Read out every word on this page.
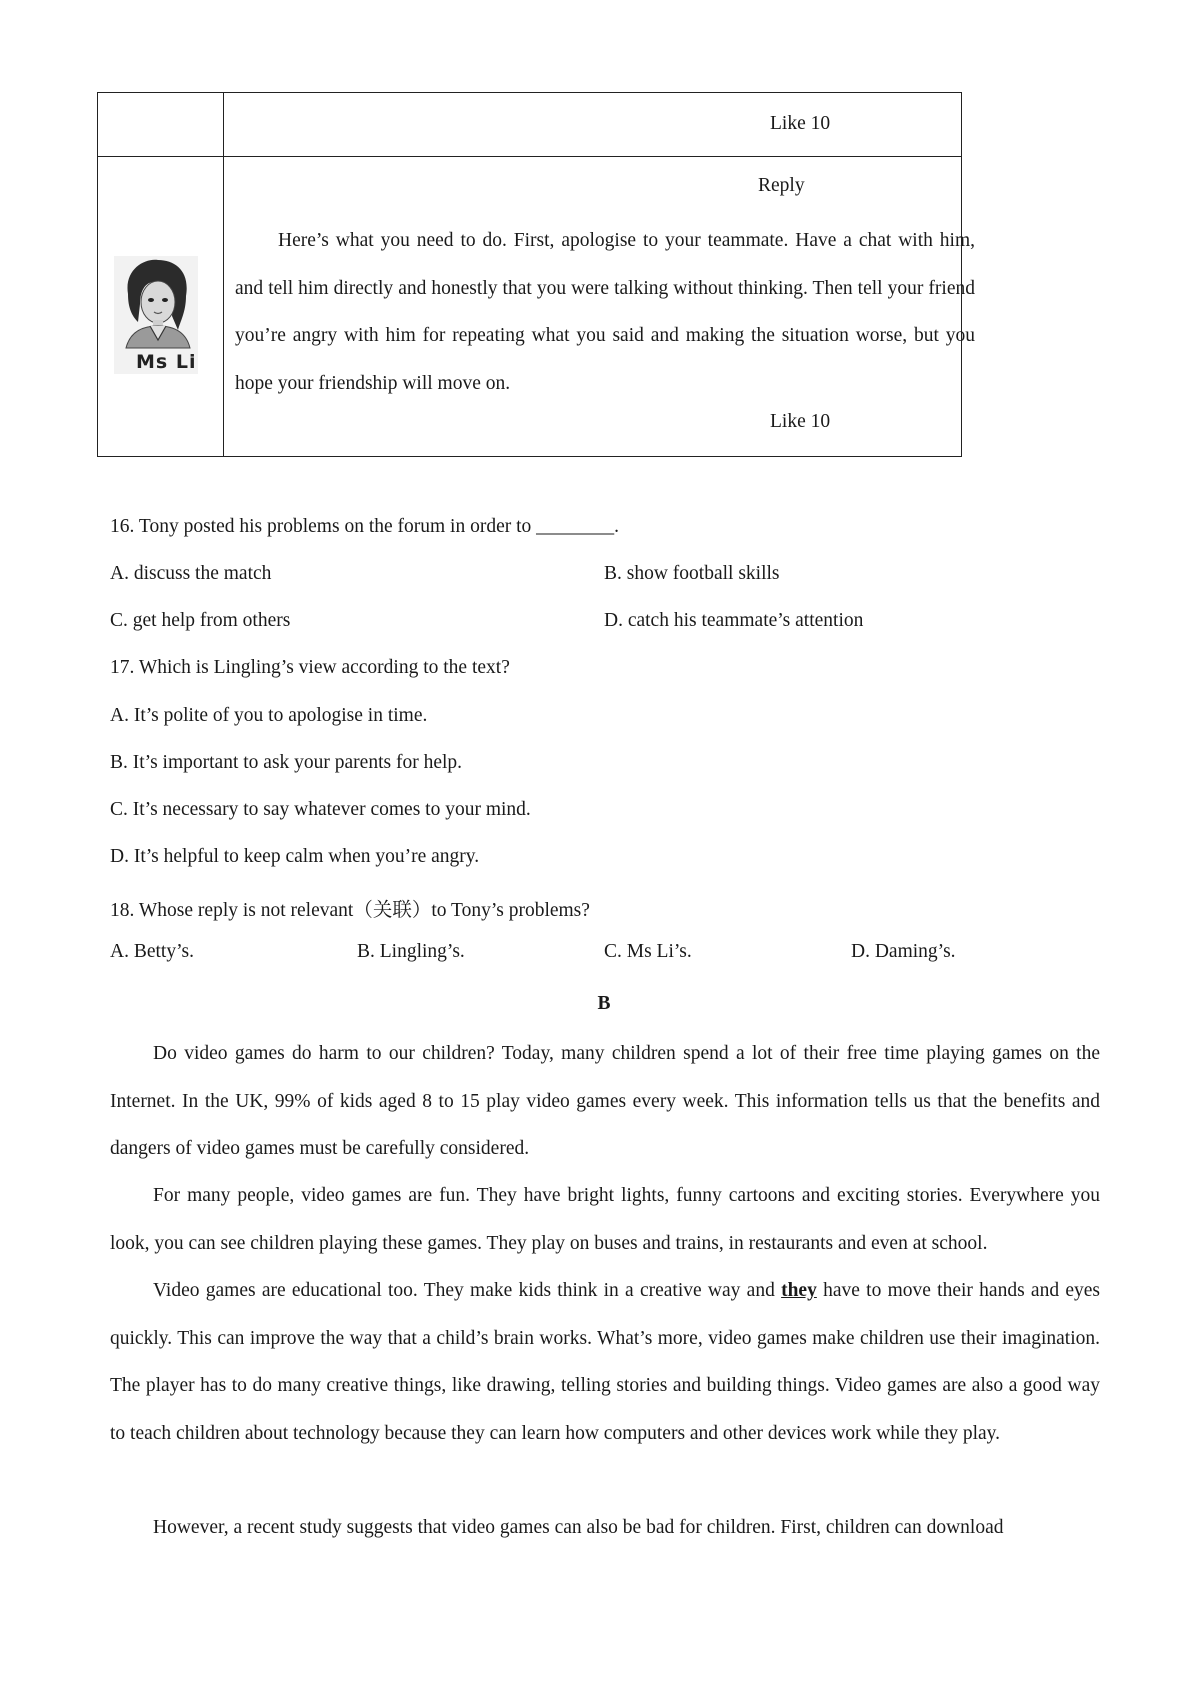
	Like 10

Ms Li	Reply

Here’s what you need to do. First, apologise to your teammate. Have a chat with him, and tell him directly and honestly that you were talking without thinking. Then tell your friend you’re angry with him for repeating what you said and making the situation worse, but you hope your friendship will move on.

Like 10
16. Tony posted his problems on the forum in order to ________.
A. discuss the match	B. show football skills
C. get help from others	D. catch his teammate’s attention
17. Which is Lingling’s view according to the text?
A. It’s polite of you to apologise in time.
B. It’s important to ask your parents for help.
C. It’s necessary to say whatever comes to your mind.
D. It’s helpful to keep calm when you’re angry.
18. Whose reply is not relevant（关联）to Tony’s problems?
A. Betty’s.	B. Lingling’s.	C. Ms Li’s.	D. Daming’s.
B

Do video games do harm to our children? Today, many children spend a lot of their free time playing games on the Internet. In the UK, 99% of kids aged 8 to 15 play video games every week. This information tells us that the benefits and dangers of video games must be carefully considered.

For many people, video games are fun. They have bright lights, funny cartoons and exciting stories. Everywhere you look, you can see children playing these games. They play on buses and trains, in restaurants and even at school.

Video games are educational too. They make kids think in a creative way and they have to move their hands and eyes quickly. This can improve the way that a child’s brain works. What’s more, video games make children use their imagination. The player has to do many creative things, like drawing, telling stories and building things. Video games are also a good way to teach children about technology because they can learn how computers and other devices work while they play.

However, a recent study suggests that video games can also be bad for children. First, children can download
